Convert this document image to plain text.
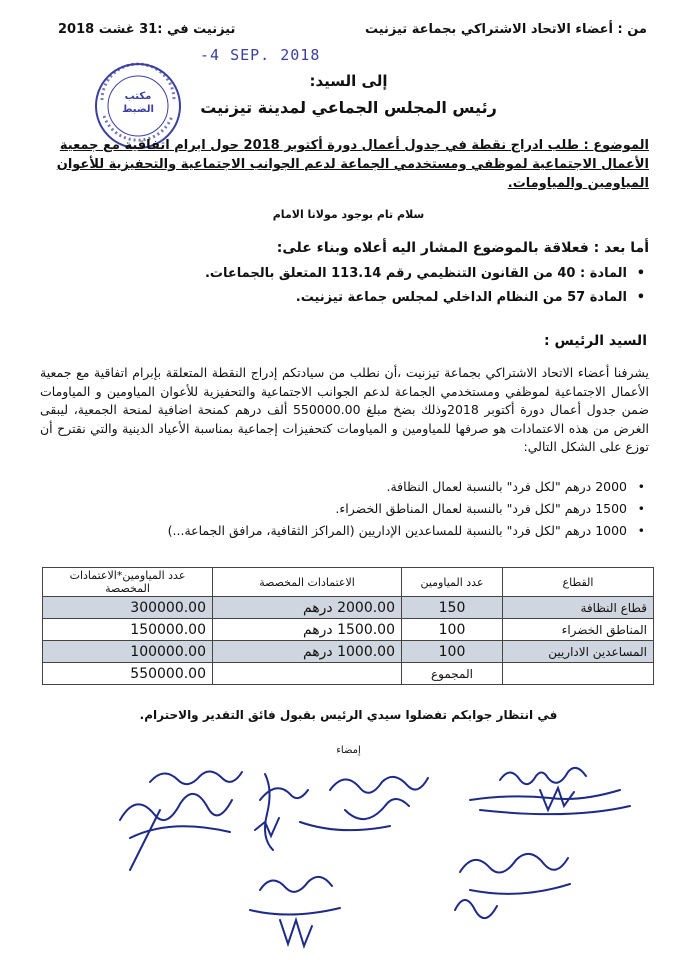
من : أعضاء الاتحاد الاشتراكي بجماعة تيزنيت
تيزنيت في :31 غشت 2018
-4 SEP. 2018
مكتب الضبط
إلى السيد:
رئيس المجلس الجماعي لمدينة تيزنيت
الموضوع : طلب ادراج نقطة في جدول أعمال دورة أكتوبر 2018 حول ابرام اتفاقية مع جمعية الأعمال الاجتماعية لموظفي ومستخدمي الجماعة لدعم الجوانب الاجتماعية والتحفيزية للأعوان المياومين والمياومات.
سلام تام بوجود مولانا الامام
أما بعد : فعلاقة بالموضوع المشار اليه أعلاه وبناء على:
• المادة : 40 من القانون التنظيمي رقم 113.14 المتعلق بالجماعات.
• المادة 57 من النظام الداخلي لمجلس جماعة تيزنيت.
السيد الرئيس :
يشرفنا أعضاء الاتحاد الاشتراكي بجماعة تيزنيت ،أن نطلب من سيادتكم إدراج النقطة المتعلقة بإبرام اتفاقية مع جمعية الأعمال الاجتماعية لموظفي ومستخدمي الجماعة لدعم الجوانب الاجتماعية والتحفيزية للأعوان المياومين و المياومات ضمن جدول أعمال دورة أكتوبر 2018وذلك بضخ مبلغ 550000.00 ألف درهم كمنحة اضافية لمنحة الجمعية، ليبقى الغرض من هذه الاعتمادات هو صرفها للمياومين و المياومات كتحفيزات إجماعية بمناسبة الأعياد الدينية والتي نقترح أن توزع على الشكل التالي:
• 2000 درهم "لكل فرد" بالنسبة لعمال النظافة.
• 1500 درهم "لكل فرد" بالنسبة لعمال المناطق الخضراء.
• 1000 درهم "لكل فرد" بالنسبة للمساعدين الإداريين (المراكز الثقافية، مرافق الجماعة...)
القطاع	عدد المياومين	الاعتمادات المخصصة	عدد المياومين*الاعتمادات المخصصة
قطاع النظافة	150	2000.00 درهم	300000.00
المناطق الخضراء	100	1500.00 درهم	150000.00
المساعدين الاداريين	100	1000.00 درهم	100000.00
	المجموع		550000.00
في انتظار جوابكم تفضلوا سيدي الرئيس بقبول فائق التقدير والاحترام.
إمضاء
